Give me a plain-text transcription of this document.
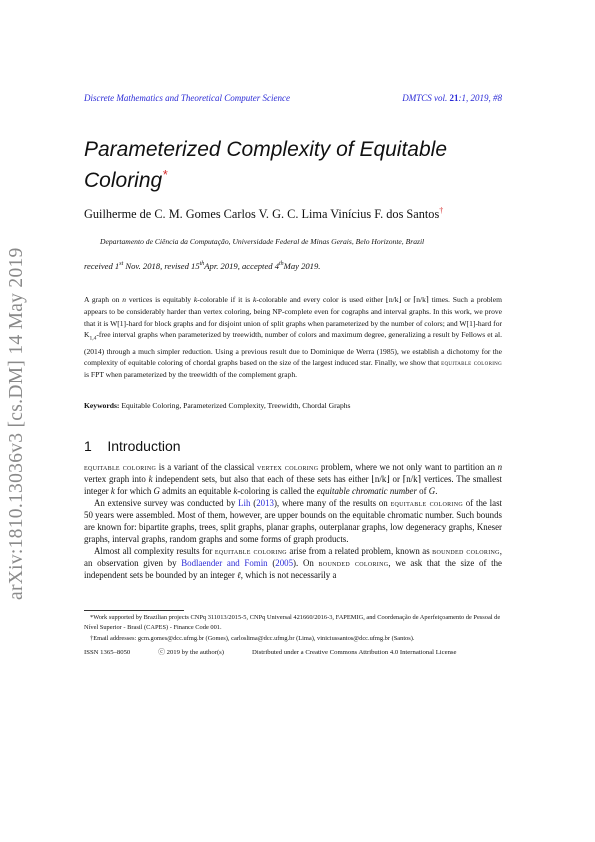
arXiv:1810.13036v3 [cs.DM] 14 May 2019
Discrete Mathematics and Theoretical Computer Science	DMTCS vol. 21:1, 2019, #8
Parameterized Complexity of Equitable
Coloring*
Guilherme de C. M. Gomes Carlos V. G. C. Lima Vinícius F. dos Santos†
Departamento de Ciência da Computação, Universidade Federal de Minas Gerais, Belo Horizonte, Brazil
received 1st Nov. 2018, revised 15thApr. 2019, accepted 4thMay 2019.
A graph on n vertices is equitably k-colorable if it is k-colorable and every color is used either ⌊n/k⌋ or ⌈n/k⌉ times. Such a problem appears to be considerably harder than vertex coloring, being NP-complete even for cographs and interval graphs. In this work, we prove that it is W[1]-hard for block graphs and for disjoint union of split graphs when parameterized by the number of colors; and W[1]-hard for $K_{1,4}$-free interval graphs when parameterized by treewidth, number of colors and maximum degree, generalizing a result by Fellows et al. (2014) through a much simpler reduction. Using a previous result due to Dominique de Werra (1985), we establish a dichotomy for the complexity of equitable coloring of chordal graphs based on the size of the largest induced star. Finally, we show that equitable coloring is FPT when parameterized by the treewidth of the complement graph.
Keywords: Equitable Coloring, Parameterized Complexity, Treewidth, Chordal Graphs
1 Introduction

equitable coloring is a variant of the classical vertex coloring problem, where we not only want to partition an n vertex graph into k independent sets, but also that each of these sets has either ⌊n/k⌋ or ⌈n/k⌉ vertices. The smallest integer k for which G admits an equitable k-coloring is called the equitable chromatic number of G.

An extensive survey was conducted by Lih (2013), where many of the results on equitable coloring of the last 50 years were assembled. Most of them, however, are upper bounds on the equitable chromatic number. Such bounds are known for: bipartite graphs, trees, split graphs, planar graphs, outerplanar graphs, low degeneracy graphs, Kneser graphs, interval graphs, random graphs and some forms of graph products.

Almost all complexity results for equitable coloring arise from a related problem, known as bounded coloring, an observation given by Bodlaender and Fomin (2005). On bounded coloring, we ask that the size of the independent sets be bounded by an integer ℓ, which is not necessarily a

*Work supported by Brazilian projects CNPq 311013/2015-5, CNPq Universal 421660/2016-3, FAPEMIG, and Coordenação de Aperfeiçoamento de Pessoal de Nível Superior - Brasil (CAPES) - Finance Code 001.
†Email addresses: gcm.gomes@dcc.ufmg.br (Gomes), carloslima@dcc.ufmg.br (Lima), viniciussantos@dcc.ufmg.br (Santos).
ISSN 1365–8050	ⓒ 2019 by the author(s)	Distributed under a Creative Commons Attribution 4.0 International License
